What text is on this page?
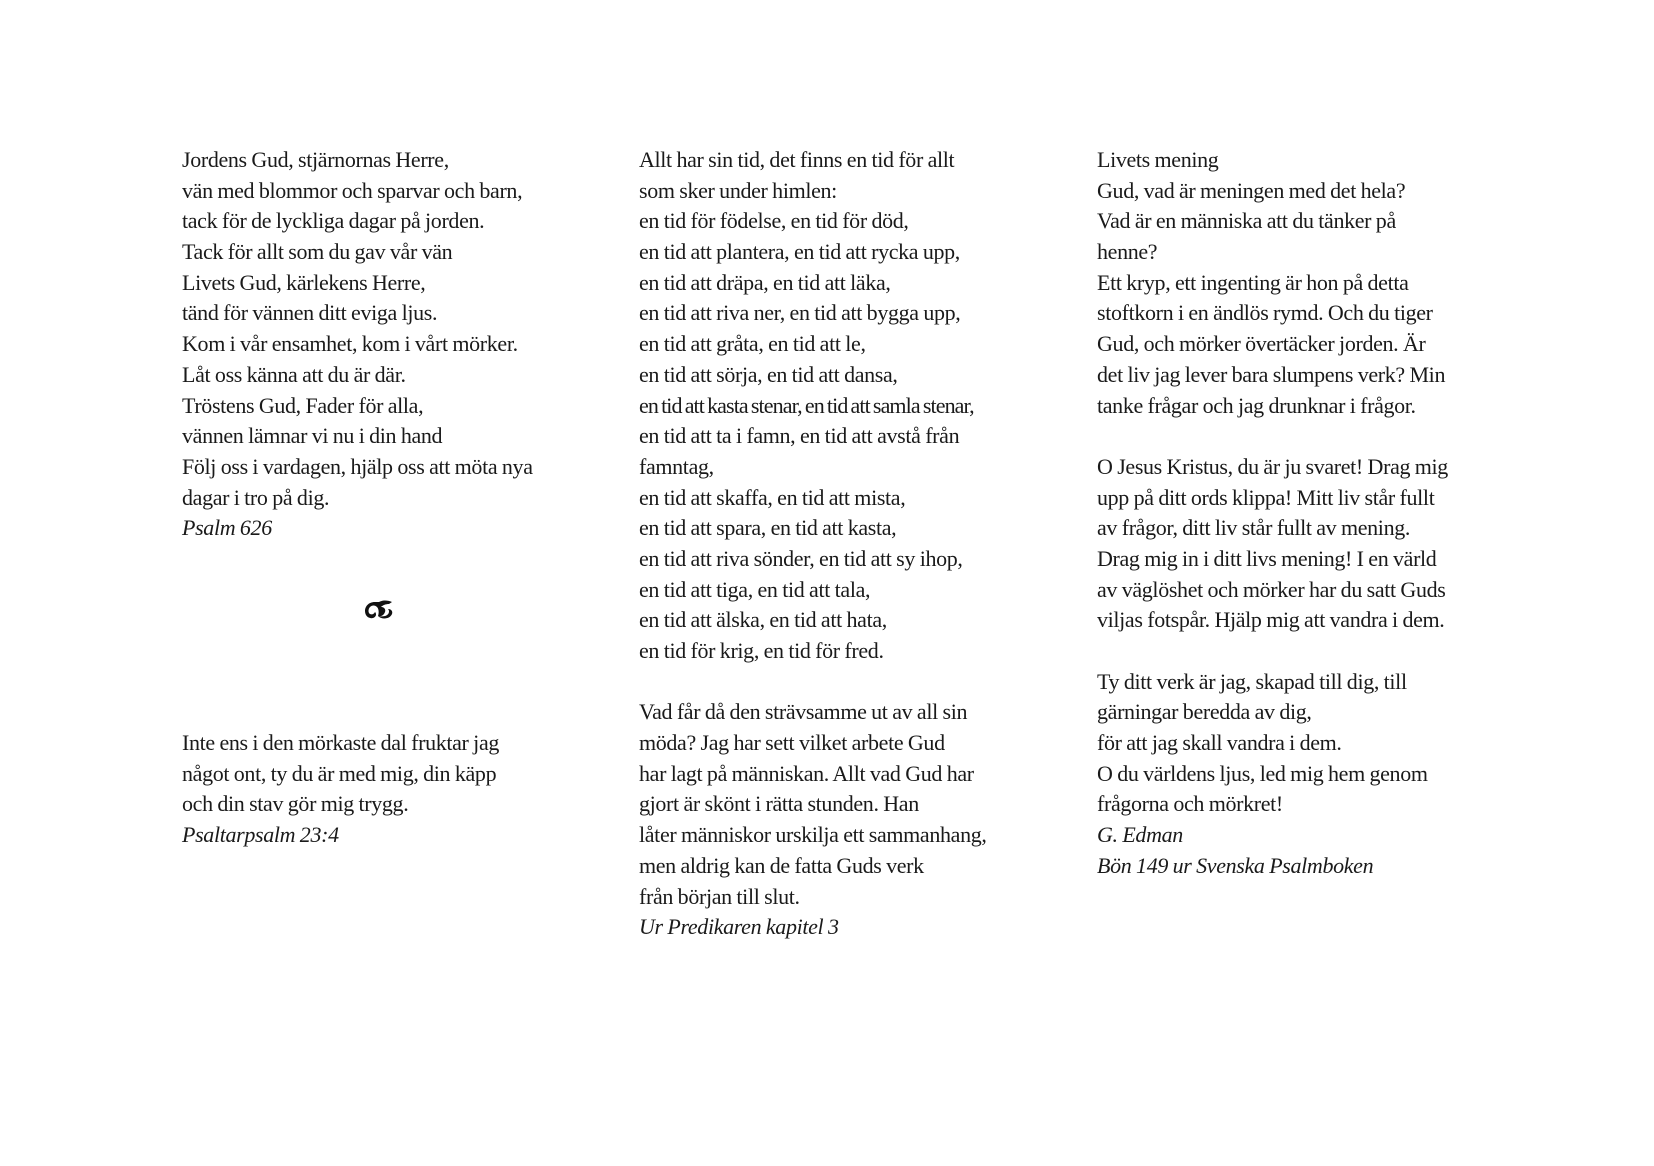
Jordens Gud, stjärnornas Herre,
vän med blommor och sparvar och barn,
tack för de lyckliga dagar på jorden.
Tack för allt som du gav vår vän
Livets Gud, kärlekens Herre,
tänd för vännen ditt eviga ljus.
Kom i vår ensamhet, kom i vårt mörker.
Låt oss känna att du är där.
Tröstens Gud, Fader för alla,
vännen lämnar vi nu i din hand
Följ oss i vardagen, hjälp oss att möta nya
dagar i tro på dig.
Psalm 626
Inte ens i den mörkaste dal fruktar jag
något ont, ty du är med mig, din käpp
och din stav gör mig trygg.
Psaltarpsalm 23:4
Allt har sin tid, det finns en tid för allt
som sker under himlen:
en tid för födelse, en tid för död,
en tid att plantera, en tid att rycka upp,
en tid att dräpa, en tid att läka,
en tid att riva ner, en tid att bygga upp,
en tid att gråta, en tid att le,
en tid att sörja, en tid att dansa,
en tid att kasta stenar, en tid att samla stenar,
en tid att ta i famn, en tid att avstå från
famntag,
en tid att skaffa, en tid att mista,
en tid att spara, en tid att kasta,
en tid att riva sönder, en tid att sy ihop,
en tid att tiga, en tid att tala,
en tid att älska, en tid att hata,
en tid för krig, en tid för fred.
Vad får då den strävsamme ut av all sin
möda? Jag har sett vilket arbete Gud
har lagt på människan. Allt vad Gud har
gjort är skönt i rätta stunden. Han
låter människor urskilja ett sammanhang,
men aldrig kan de fatta Guds verk
från början till slut.
Ur Predikaren kapitel 3
Livets mening
Gud, vad är meningen med det hela?
Vad är en människa att du tänker på
henne?
Ett kryp, ett ingenting är hon på detta
stoftkorn i en ändlös rymd. Och du tiger
Gud, och mörker övertäcker jorden. Är
det liv jag lever bara slumpens verk? Min
tanke frågar och jag drunknar i frågor.
O Jesus Kristus, du är ju svaret! Drag mig
upp på ditt ords klippa! Mitt liv står fullt
av frågor, ditt liv står fullt av mening.
Drag mig in i ditt livs mening! I en värld
av väglöshet och mörker har du satt Guds
viljas fotspår. Hjälp mig att vandra i dem.
Ty ditt verk är jag, skapad till dig, till
gärningar beredda av dig,
för att jag skall vandra i dem.
O du världens ljus, led mig hem genom
frågorna och mörkret!
G. Edman
Bön 149 ur Svenska Psalmboken
